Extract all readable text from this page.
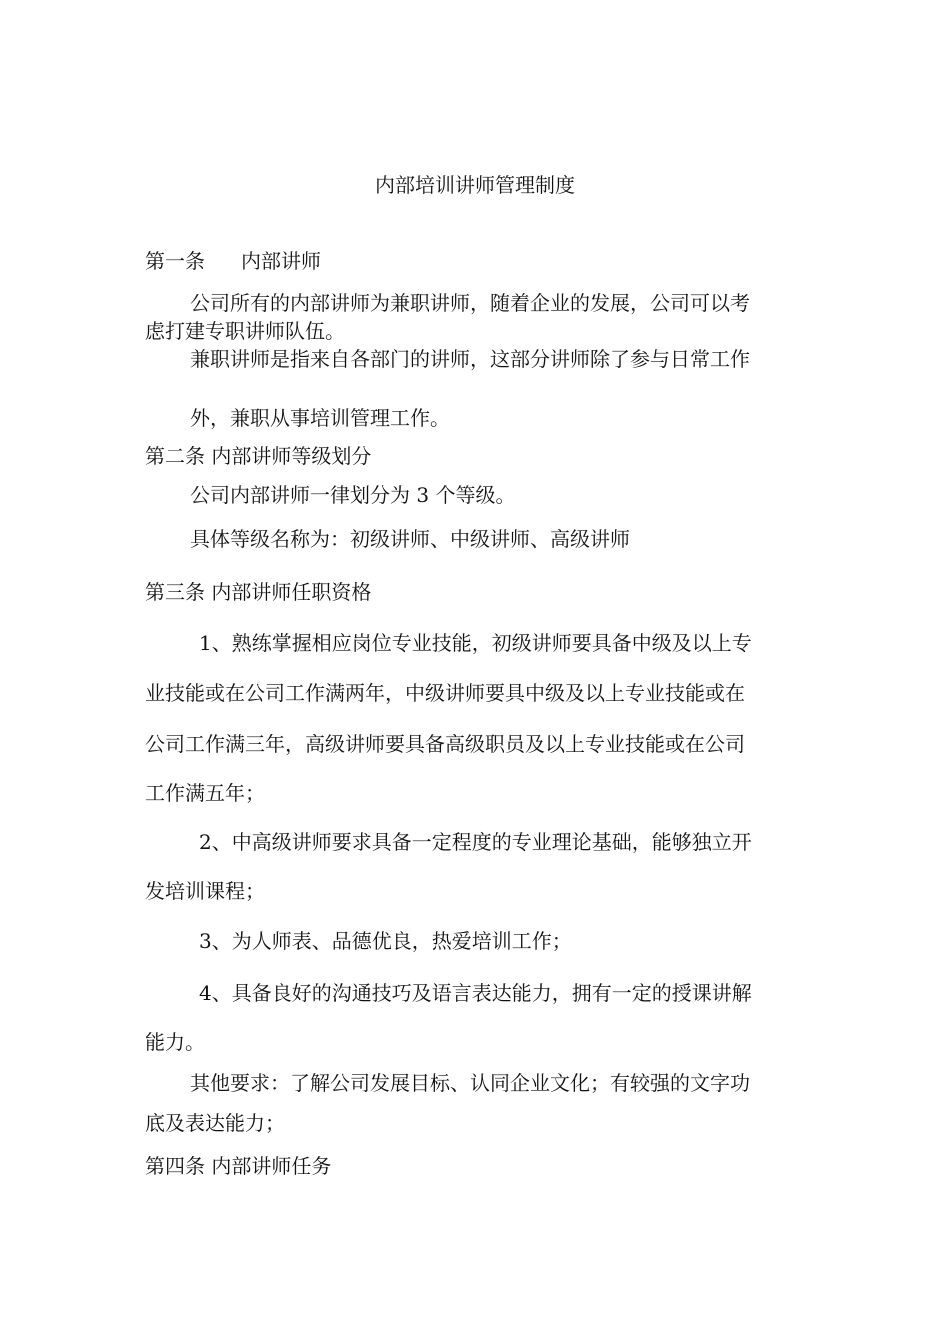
内部培训讲师管理制度
第一条 内部讲师
公司所有的内部讲师为兼职讲师，随着企业的发展，公司可以考
虑打建专职讲师队伍。
兼职讲师是指来自各部门的讲师，这部分讲师除了参与日常工作
外，兼职从事培训管理工作。
第二条 内部讲师等级划分
公司内部讲师一律划分为 3 个等级。
具体等级名称为：初级讲师、中级讲师、高级讲师
第三条 内部讲师任职资格
1、熟练掌握相应岗位专业技能，初级讲师要具备中级及以上专
业技能或在公司工作满两年，中级讲师要具中级及以上专业技能或在
公司工作满三年，高级讲师要具备高级职员及以上专业技能或在公司
工作满五年；
2、中高级讲师要求具备一定程度的专业理论基础，能够独立开
发培训课程；
3、为人师表、品德优良，热爱培训工作；
4、具备良好的沟通技巧及语言表达能力，拥有一定的授课讲解
能力。
其他要求：了解公司发展目标、认同企业文化；有较强的文字功
底及表达能力；
第四条 内部讲师任务
